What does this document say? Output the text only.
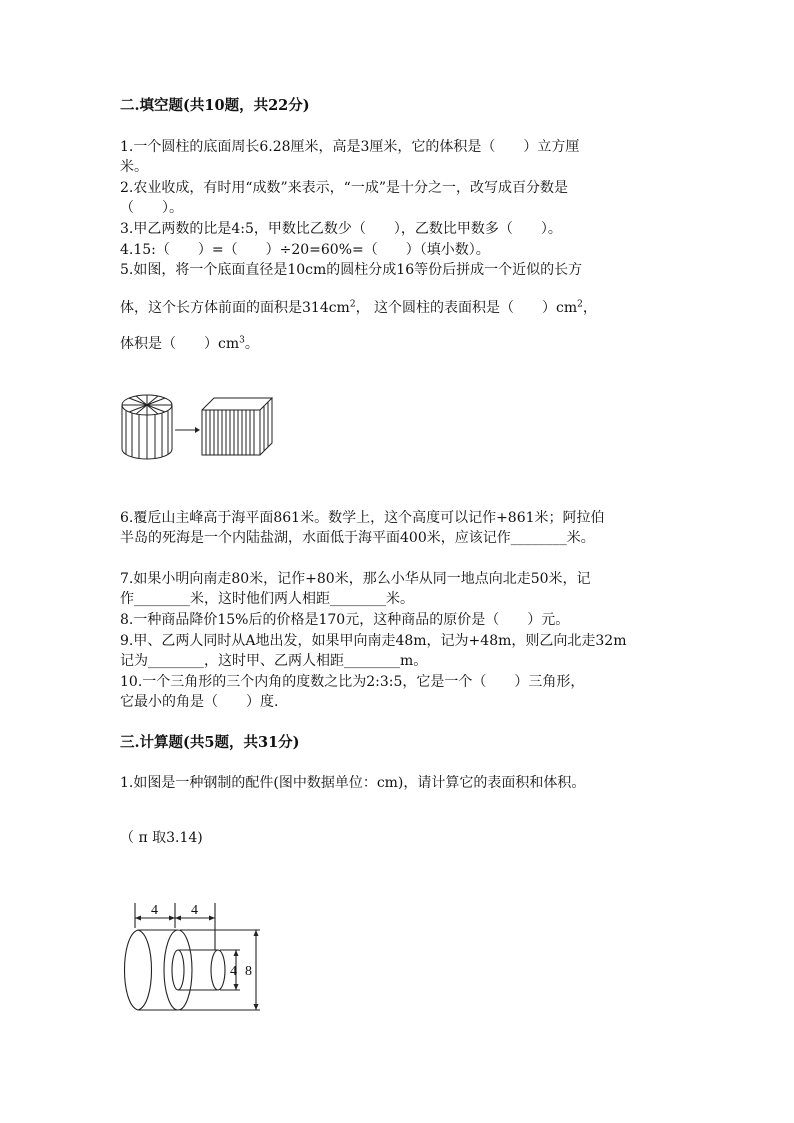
二.填空题(共10题，共22分)
1.一个圆柱的底面周长6.28厘米，高是3厘米，它的体积是（　　）立方厘
米。
2.农业收成，有时用“成数”来表示，“一成”是十分之一，改写成百分数是
（　　）。
3.甲乙两数的比是4:5，甲数比乙数少（　　），乙数比甲数多（　　）。
4.15:（　　）=（　　）÷20=60%=（　　）（填小数）。
5.如图，将一个底面直径是10cm的圆柱分成16等份后拼成一个近似的长方
体，这个长方体前面的面积是$314cm^2$， 这个圆柱的表面积是（　　）$cm^2$，
体积是（　　）$cm^3$。
6.覆卮山主峰高于海平面861米。数学上，这个高度可以记作+861米；阿拉伯
半岛的死海是一个内陆盐湖，水面低于海平面400米，应该记作________米。
7.如果小明向南走80米，记作+80米，那么小华从同一地点向北走50米，记
作________米，这时他们两人相距________米。
8.一种商品降价15%后的价格是170元，这种商品的原价是（　　）元。
9.甲、乙两人同时从A地出发，如果甲向南走48m，记为+48m，则乙向北走32m
记为________，这时甲、乙两人相距________m。
10.一个三角形的三个内角的度数之比为2:3:5，它是一个（　　）三角形，
它最小的角是（　　）度.
三.计算题(共5题，共31分)
1.如图是一种钢制的配件(图中数据单位：cm)，请计算它的表面积和体积。
（ π 取3.14)
4 4
4 8
